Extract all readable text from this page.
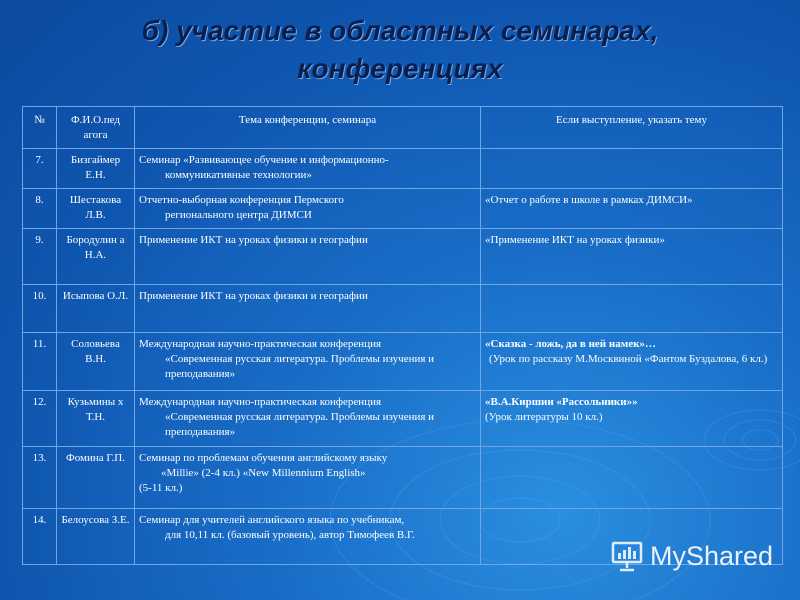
б) участие в областных семинарах,
конференциях
№	Ф.И.О.пед агога	Тема конференции, семинара	Если выступление, указать тему
7.	Бизгаймер Е.Н.	Семинар «Развивающее обучение и информационно-
коммуникативные технологии»	

8.	Шестакова Л.В.	Отчетно-выборная конференция Пермского
регионального центра ДИМСИ	«Отчет о работе в школе в рамках ДИМСИ»
9.	Бородулин а Н.А.	Применение ИКТ на уроках физики и географии	«Применение ИКТ на уроках физики»
10.	Исыпова О.Л.	Применение ИКТ на уроках физики и географии	
11.	Соловьева В.Н.	Международная научно-практическая конференция
«Современная русская литература. Проблемы изучения и преподавания»	«Сказка - ложь, да в ней намек»…
(Урок по рассказу М.Москвиной «Фантом Буздалова, 6 кл.)

12.	Кузьмины х Т.Н.	Международная научно-практическая конференция
«Современная русская литература. Проблемы изучения и преподавания»	«В.А.Киршин «Рассольники»»
(Урок литературы 10 кл.)
13.	Фомина Г.П.	Семинар по проблемам обучения английскому языку
«Millie» (2-4 кл.) «New Millennium English»
(5-11 кл.)	
14.	Белоусова З.Е.	Семинар для учителей английского языка по учебникам,
для 10,11 кл. (базовый уровень), автор Тимофеев В.Г.	

MyShared
